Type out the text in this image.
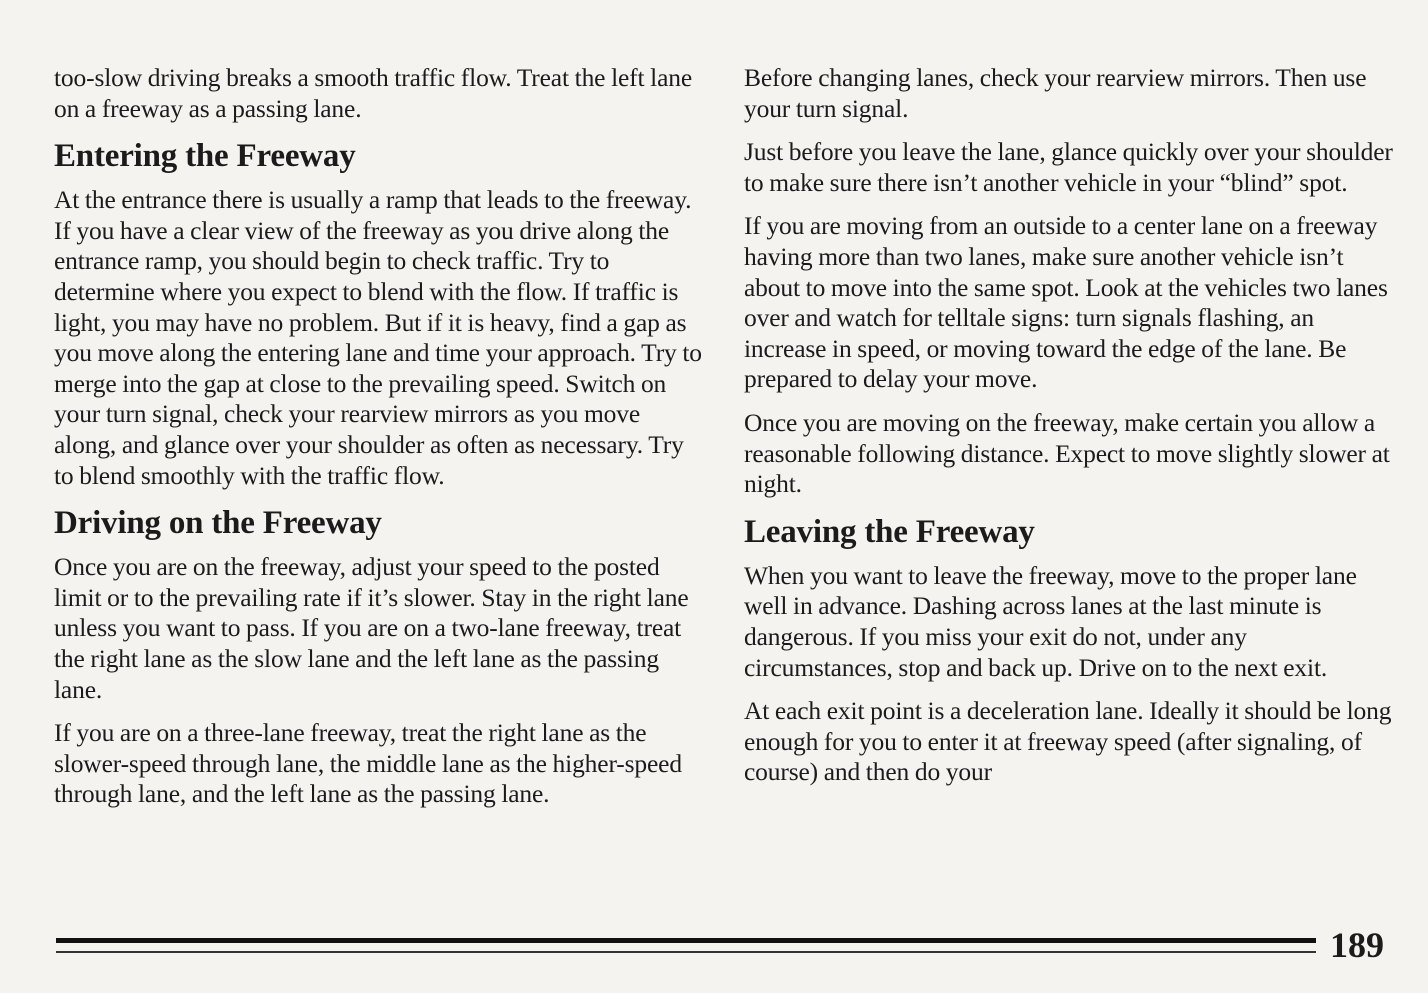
too-slow driving breaks a smooth traffic flow. Treat the left lane on a freeway as a passing lane.

Entering the Freeway

At the entrance there is usually a ramp that leads to the freeway. If you have a clear view of the freeway as you drive along the entrance ramp, you should begin to check traffic. Try to determine where you expect to blend with the flow. If traffic is light, you may have no problem. But if it is heavy, find a gap as you move along the entering lane and time your approach. Try to merge into the gap at close to the prevailing speed. Switch on your turn signal, check your rearview mirrors as you move along, and glance over your shoulder as often as necessary. Try to blend smoothly with the traffic flow.

Driving on the Freeway

Once you are on the freeway, adjust your speed to the posted limit or to the prevailing rate if it’s slower. Stay in the right lane unless you want to pass. If you are on a two-lane freeway, treat the right lane as the slow lane and the left lane as the passing lane.

If you are on a three-lane freeway, treat the right lane as the slower-speed through lane, the middle lane as the higher-speed through lane, and the left lane as the passing lane.

Before changing lanes, check your rearview mirrors. Then use your turn signal.

Just before you leave the lane, glance quickly over your shoulder to make sure there isn’t another vehicle in your “blind” spot.

If you are moving from an outside to a center lane on a freeway having more than two lanes, make sure another vehicle isn’t about to move into the same spot. Look at the vehicles two lanes over and watch for telltale signs: turn signals flashing, an increase in speed, or moving toward the edge of the lane. Be prepared to delay your move.

Once you are moving on the freeway, make certain you allow a reasonable following distance. Expect to move slightly slower at night.

Leaving the Freeway

When you want to leave the freeway, move to the proper lane well in advance. Dashing across lanes at the last minute is dangerous. If you miss your exit do not, under any circumstances, stop and back up. Drive on to the next exit.

At each exit point is a deceleration lane. Ideally it should be long enough for you to enter it at freeway speed (after signaling, of course) and then do your

189
